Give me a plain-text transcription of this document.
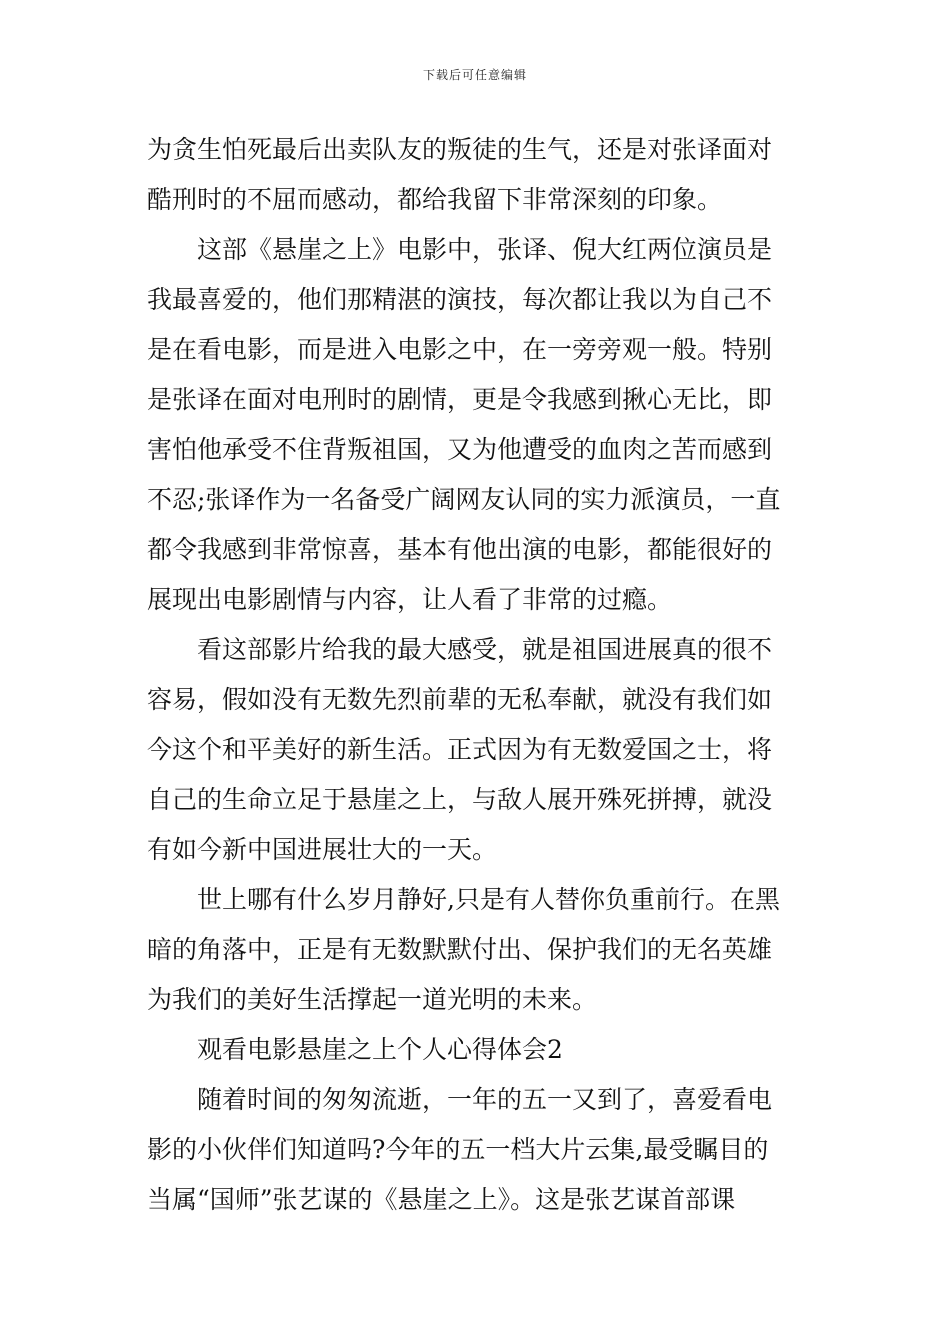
下载后可任意编辑
为贪生怕死最后出卖队友的叛徒的生气，还是对张译面对
酷刑时的不屈而感动，都给我留下非常深刻的印象。
这部《悬崖之上》电影中，张译、倪大红两位演员是
我最喜爱的，他们那精湛的演技，每次都让我以为自己不
是在看电影，而是进入电影之中，在一旁旁观一般。特别
是张译在面对电刑时的剧情，更是令我感到揪心无比，即
害怕他承受不住背叛祖国，又为他遭受的血肉之苦而感到
不忍;张译作为一名备受广阔网友认同的实力派演员，一直
都令我感到非常惊喜，基本有他出演的电影，都能很好的
展现出电影剧情与内容，让人看了非常的过瘾。
看这部影片给我的最大感受，就是祖国进展真的很不
容易，假如没有无数先烈前辈的无私奉献，就没有我们如
今这个和平美好的新生活。正式因为有无数爱国之士，将
自己的生命立足于悬崖之上，与敌人展开殊死拼搏，就没
有如今新中国进展壮大的一天。
世上哪有什么岁月静好,只是有人替你负重前行。在黑
暗的角落中，正是有无数默默付出、保护我们的无名英雄
为我们的美好生活撑起一道光明的未来。
观看电影悬崖之上个人心得体会2
随着时间的匆匆流逝，一年的五一又到了，喜爱看电
影的小伙伴们知道吗?今年的五一档大片云集,最受瞩目的
当属“国师”张艺谋的《悬崖之上》。这是张艺谋首部课
